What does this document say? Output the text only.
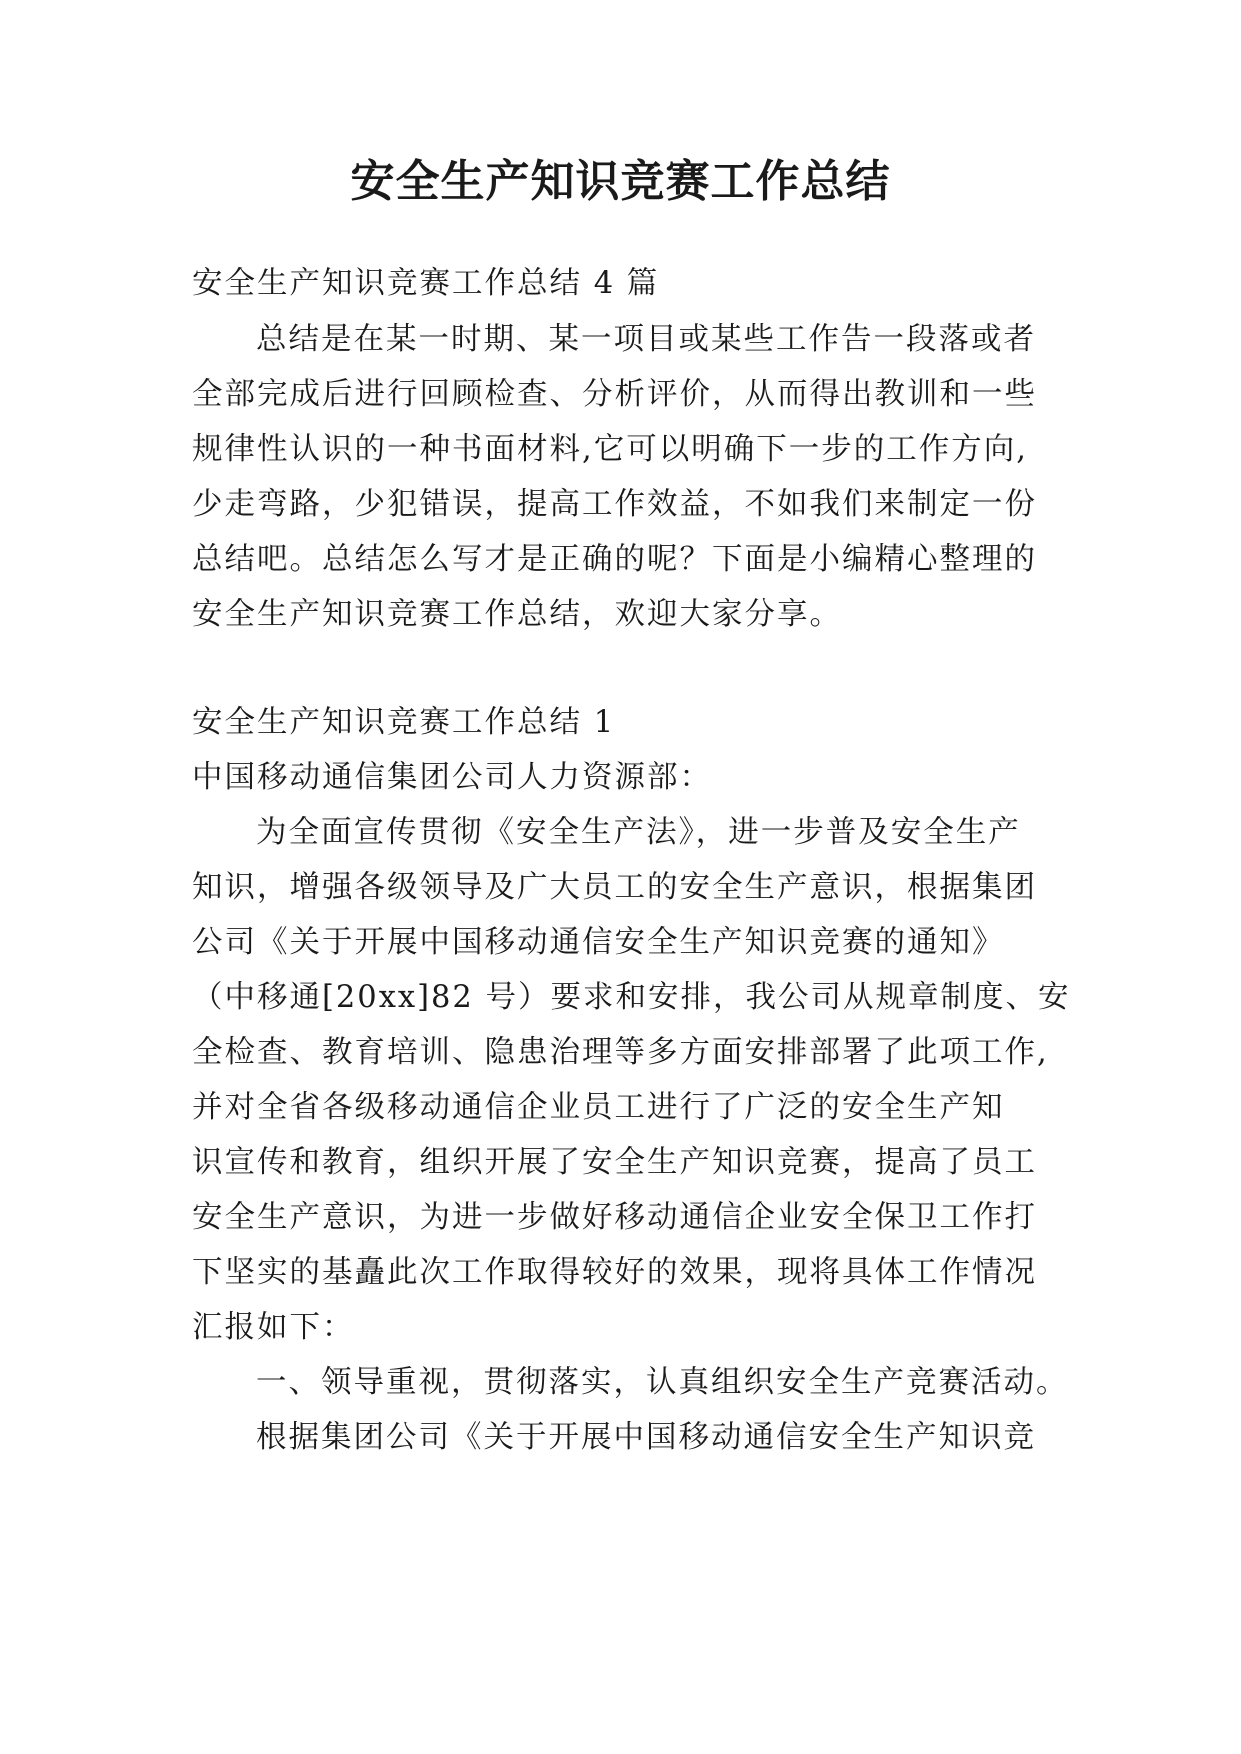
安全生产知识竞赛工作总结
安全生产知识竞赛工作总结 4 篇
总结是在某一时期、某一项目或某些工作告一段落或者
全部完成后进行回顾检查、分析评价，从而得出教训和一些
规律性认识的一种书面材料,它可以明确下一步的工作方向,
少走弯路，少犯错误，提高工作效益，不如我们来制定一份
总结吧。总结怎么写才是正确的呢？下面是小编精心整理的
安全生产知识竞赛工作总结，欢迎大家分享。
安全生产知识竞赛工作总结 1
中国移动通信集团公司人力资源部：
为全面宣传贯彻《安全生产法》，进一步普及安全生产
知识，增强各级领导及广大员工的安全生产意识，根据集团
公司《关于开展中国移动通信安全生产知识竞赛的通知》
（中移通[20xx]82 号）要求和安排，我公司从规章制度、安
全检查、教育培训、隐患治理等多方面安排部署了此项工作,
并对全省各级移动通信企业员工进行了广泛的安全生产知
识宣传和教育，组织开展了安全生产知识竞赛，提高了员工
安全生产意识，为进一步做好移动通信企业安全保卫工作打
下坚实的基矗此次工作取得较好的效果，现将具体工作情况
汇报如下：
一、领导重视，贯彻落实，认真组织安全生产竞赛活动。
根据集团公司《关于开展中国移动通信安全生产知识竞
